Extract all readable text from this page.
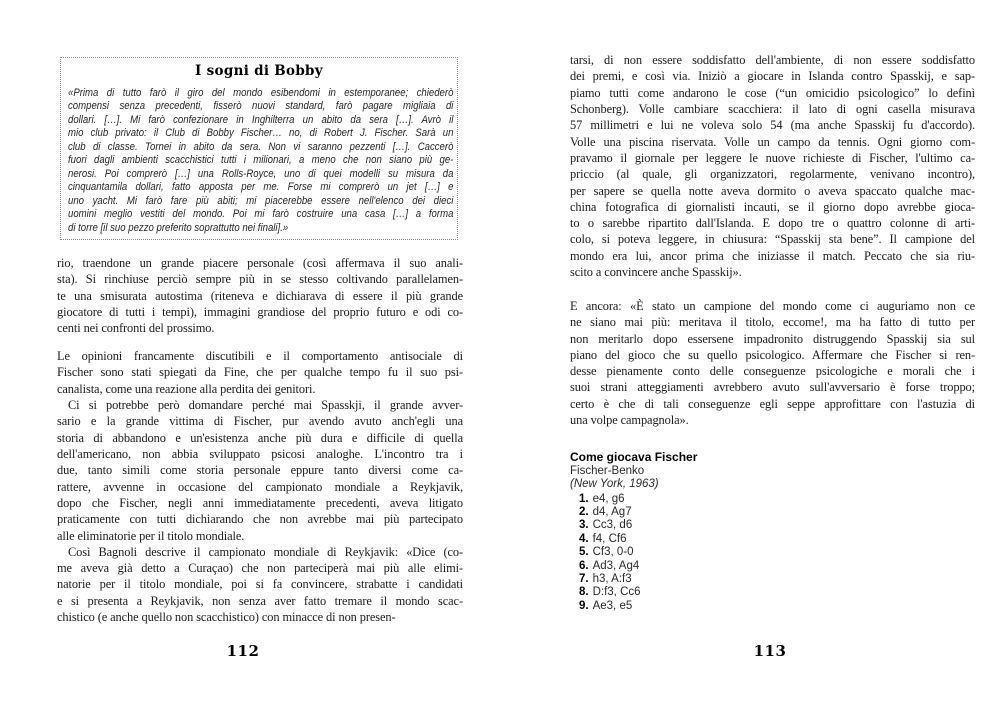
I sogni di Bobby
«Prima di tutto farò il giro del mondo esibendomi in estemporanee; chiederò
compensi senza precedenti, fisserò nuovi standard, farò pagare migliaia di
dollari. […]. Mi farò confezionare in Inghilterra un abito da sera […]. Avrò il
mio club privato: il Club di Bobby Fischer… no, di Robert J. Fischer. Sarà un
club di classe. Tornei in abito da sera. Non vi saranno pezzenti […]. Caccerò
fuori dagli ambienti scacchistici tutti i milionari, a meno che non siano più ge-
nerosi. Poi comprerò […] una Rolls-Royce, uno di quei modelli su misura da
cinquantamila dollari, fatto apposta per me. Forse mi comprerò un jet […] e
uno yacht. Mi farò fare più abiti; mi piacerebbe essere nell'elenco dei dieci
uomini meglio vestiti del mondo. Poi mi farò costruire una casa […] a forma
di torre [il suo pezzo preferito soprattutto nei finali].»
rio, traendone un grande piacere personale (così affermava il suo anali-
sta). Si rinchiuse perciò sempre più in se stesso coltivando parallelamen-
te una smisurata autostima (riteneva e dichiarava di essere il più grande
giocatore di tutti i tempi), immagini grandiose del proprio futuro e odi co-
centi nei confronti del prossimo.
Le opinioni francamente discutibili e il comportamento antisociale di
Fischer sono stati spiegati da Fine, che per qualche tempo fu il suo psi-
canalista, come una reazione alla perdita dei genitori.
Ci si potrebbe però domandare perché mai Spasskji, il grande avver-
sario e la grande vittima di Fischer, pur avendo avuto anch'egli una
storia di abbandono e un'esistenza anche più dura e difficile di quella
dell'americano, non abbia sviluppato psicosi analoghe. L'incontro tra i
due, tanto simili come storia personale eppure tanto diversi come ca-
rattere, avvenne in occasione del campionato mondiale a Reykjavik,
dopo che Fischer, negli anni immediatamente precedenti, aveva litigato
praticamente con tutti dichiarando che non avrebbe mai più partecipato
alle eliminatorie per il titolo mondiale.
Così Bagnoli descrive il campionato mondiale di Reykjavik: «Dice (co-
me aveva già detto a Curaçao) che non parteciperà mai più alle elimi-
natorie per il titolo mondiale, poi si fa convincere, strabatte i candidati
e si presenta a Reykjavik, non senza aver fatto tremare il mondo scac-
chistico (e anche quello non scacchistico) con minacce di non presen-
112
tarsi, di non essere soddisfatto dell'ambiente, di non essere soddisfatto
dei premi, e così via. Iniziò a giocare in Islanda contro Spasskij, e sap-
piamo tutti come andarono le cose (“un omicidio psicologico” lo definì
Schonberg). Volle cambiare scacchiera: il lato di ogni casella misurava
57 millimetri e lui ne voleva solo 54 (ma anche Spasskij fu d'accordo).
Volle una piscina riservata. Volle un campo da tennis. Ogni giorno com-
pravamo il giornale per leggere le nuove richieste di Fischer, l'ultimo ca-
priccio (al quale, gli organizzatori, regolarmente, venivano incontro),
per sapere se quella notte aveva dormito o aveva spaccato qualche mac-
china fotografica di giornalisti incauti, se il giorno dopo avrebbe gioca-
to o sarebbe ripartito dall'Islanda. E dopo tre o quattro colonne di arti-
colo, si poteva leggere, in chiusura: “Spasskij sta bene”. Il campione del
mondo era lui, ancor prima che iniziasse il match. Peccato che sia riu-
scito a convincere anche Spasskij».
E ancora: «È stato un campione del mondo come ci auguriamo non ce
ne siano mai più: meritava il titolo, eccome!, ma ha fatto di tutto per
non meritarlo dopo essersene impadronito distruggendo Spasskij sia sul
piano del gioco che su quello psicologico. Affermare che Fischer si ren-
desse pienamente conto delle conseguenze psicologiche e morali che i
suoi strani atteggiamenti avrebbero avuto sull'avversario è forse troppo;
certo è che di tali conseguenze egli seppe approfittare con l'astuzia di
una volpe campagnola».
Come giocava Fischer
Fischer-Benko
(New York, 1963)
1. e4, g6
2. d4, Ag7
3. Cc3, d6
4. f4, Cf6
5. Cf3, 0-0
6. Ad3, Ag4
7. h3, A:f3
8. D:f3, Cc6
9. Ae3, e5
113
